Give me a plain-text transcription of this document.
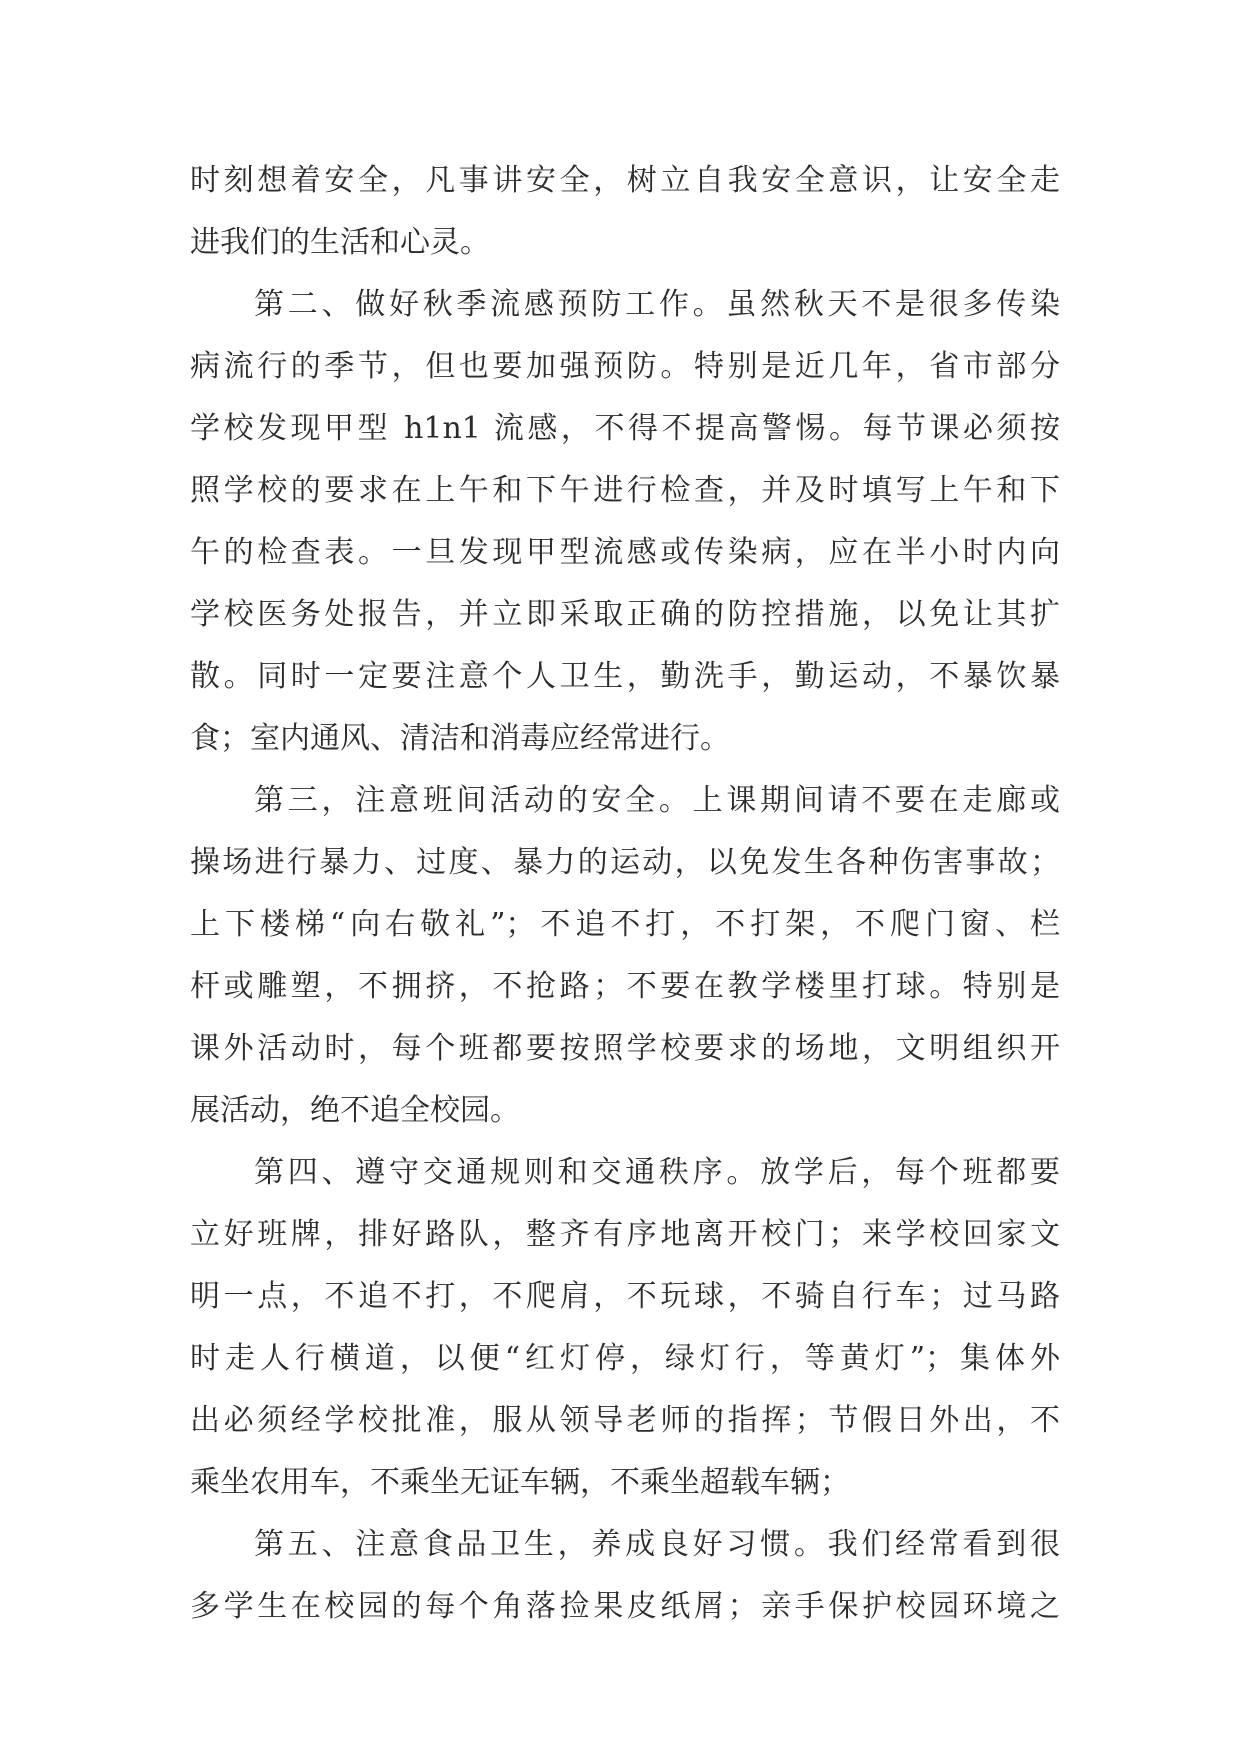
时刻想着安全，凡事讲安全，树立自我安全意识，让安全走
进我们的生活和心灵。
第二、做好秋季流感预防工作。虽然秋天不是很多传染
病流行的季节，但也要加强预防。特别是近几年，省市部分
学校发现甲型 h1n1 流感，不得不提高警惕。每节课必须按
照学校的要求在上午和下午进行检查，并及时填写上午和下
午的检查表。一旦发现甲型流感或传染病，应在半小时内向
学校医务处报告，并立即采取正确的防控措施，以免让其扩
散。同时一定要注意个人卫生，勤洗手，勤运动，不暴饮暴
食；室内通风、清洁和消毒应经常进行。
第三，注意班间活动的安全。上课期间请不要在走廊或
操场进行暴力、过度、暴力的运动，以免发生各种伤害事故；
上下楼梯“向右敬礼”；不追不打，不打架，不爬门窗、栏
杆或雕塑，不拥挤，不抢路；不要在教学楼里打球。特别是
课外活动时，每个班都要按照学校要求的场地，文明组织开
展活动，绝不追全校园。
第四、遵守交通规则和交通秩序。放学后，每个班都要
立好班牌，排好路队，整齐有序地离开校门；来学校回家文
明一点，不追不打，不爬肩，不玩球，不骑自行车；过马路
时走人行横道，以便“红灯停，绿灯行，等黄灯”；集体外
出必须经学校批准，服从领导老师的指挥；节假日外出，不
乘坐农用车，不乘坐无证车辆，不乘坐超载车辆；
第五、注意食品卫生，养成良好习惯。我们经常看到很
多学生在校园的每个角落捡果皮纸屑；亲手保护校园环境之
